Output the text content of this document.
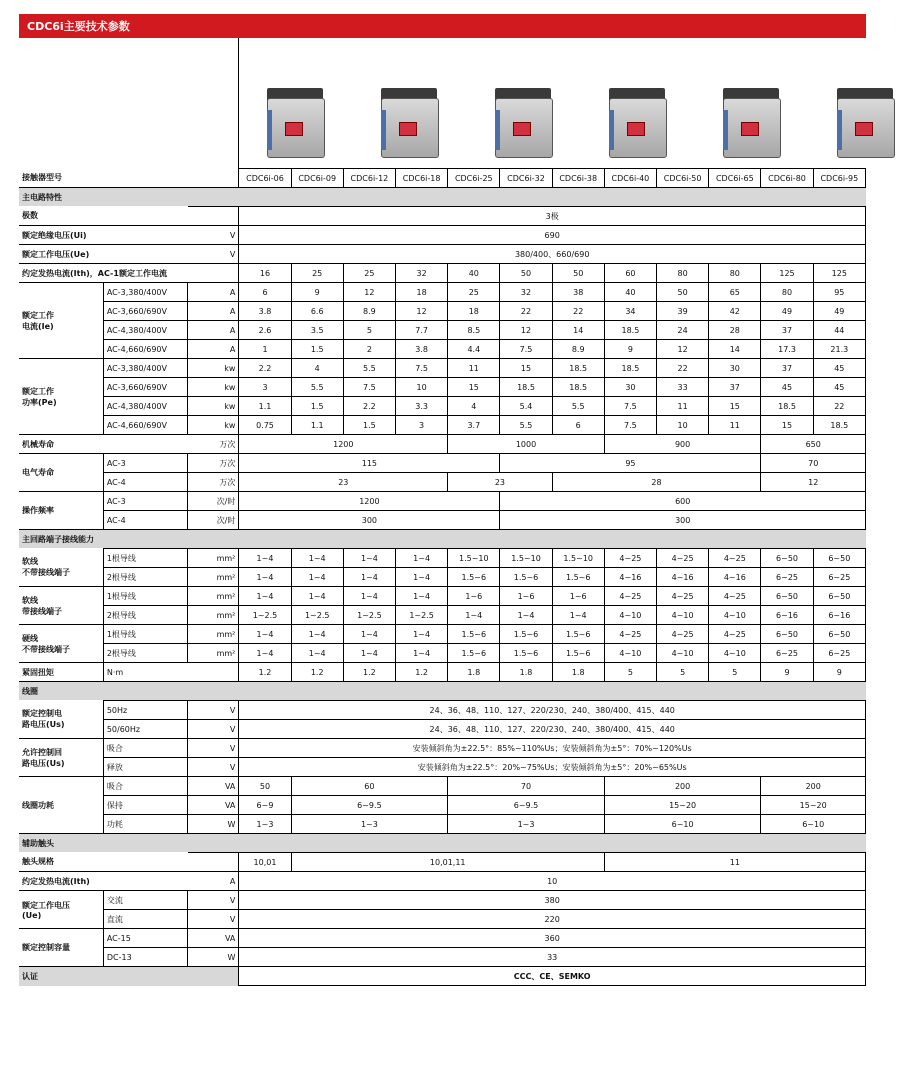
CDC6i主要技术参数
接触器型号			CDC6i-06	CDC6i-09	CDC6i-12	CDC6i-18	CDC6i-25	CDC6i-32	CDC6i-38	CDC6i-40	CDC6i-50	CDC6i-65	CDC6i-80	CDC6i-95
主电路特性														
极数			3极											
额定绝缘电压(Ui)		V	690											
额定工作电压(Ue)		V	380/400、660/690											
约定发热电流(Ith)，AC-1额定工作电流			16	25	25	32	40	50	50	60	80	80	125	125
额定工作
电流(Ie)	AC-3,380/400V	A	6	9	12	18	25	32	38	40	50	65	80	95
	AC-3,660/690V	A	3.8	6.6	8.9	12	18	22	22	34	39	42	49	49
	AC-4,380/400V	A	2.6	3.5	5	7.7	8.5	12	14	18.5	24	28	37	44
	AC-4,660/690V	A	1	1.5	2	3.8	4.4	7.5	8.9	9	12	14	17.3	21.3
额定工作
功率(Pe)	AC-3,380/400V	kw	2.2	4	5.5	7.5	11	15	18.5	18.5	22	30	37	45
	AC-3,660/690V	kw	3	5.5	7.5	10	15	18.5	18.5	30	33	37	45	45
	AC-4,380/400V	kw	1.1	1.5	2.2	3.3	4	5.4	5.5	7.5	11	15	18.5	22
	AC-4,660/690V	kw	0.75	1.1	1.5	3	3.7	5.5	6	7.5	10	11	15	18.5
机械寿命		万次	1200				1000			900			650	
电气寿命	AC-3	万次	115					95					70	
	AC-4	万次	23				23		28				12	
操作频率	AC-3	次/时	1200					600						
	AC-4	次/时	300					300						
主回路端子接线能力														
软线
不带接线端子	1根导线	mm²	1~4	1~4	1~4	1~4	1.5~10	1.5~10	1.5~10	4~25	4~25	4~25	6~50	6~50
	2根导线	mm²	1~4	1~4	1~4	1~4	1.5~6	1.5~6	1.5~6	4~16	4~16	4~16	6~25	6~25
软线
带接线端子	1根导线	mm²	1~4	1~4	1~4	1~4	1~6	1~6	1~6	4~25	4~25	4~25	6~50	6~50
	2根导线	mm²	1~2.5	1~2.5	1~2.5	1~2.5	1~4	1~4	1~4	4~10	4~10	4~10	6~16	6~16
硬线
不带接线端子	1根导线	mm²	1~4	1~4	1~4	1~4	1.5~6	1.5~6	1.5~6	4~25	4~25	4~25	6~50	6~50
	2根导线	mm²	1~4	1~4	1~4	1~4	1.5~6	1.5~6	1.5~6	4~10	4~10	4~10	6~25	6~25
紧固扭矩	N·m		1.2	1.2	1.2	1.2	1.8	1.8	1.8	5	5	5	9	9
线圈														
额定控制电
路电压(Us)	50Hz	V	24、36、48、110、127、220/230、240、380/400、415、440											
	50/60Hz	V	24、36、48、110、127、220/230、240、380/400、415、440											
允许控制回
路电压(Us)	吸合	V	安装倾斜角为±22.5°：85%~110%Us；安装倾斜角为±5°：70%~120%Us											
	释放	V	安装倾斜角为±22.5°：20%~75%Us；安装倾斜角为±5°：20%~65%Us											
线圈功耗	吸合	VA	50	60			70			200			200	
	保持	VA	6~9	6~9.5			6~9.5			15~20			15~20	
	功耗	W	1~3	1~3			1~3			6~10			6~10	
辅助触头														
触头规格			10,01	10,01,11						11				
约定发热电流(Ith)		A	10											
额定工作电压
(Ue)	交流	V	380											
	直流	V	220											
额定控制容量	AC-15	VA	360											
	DC-13	W	33											
认证			CCC、CE、SEMKO											
